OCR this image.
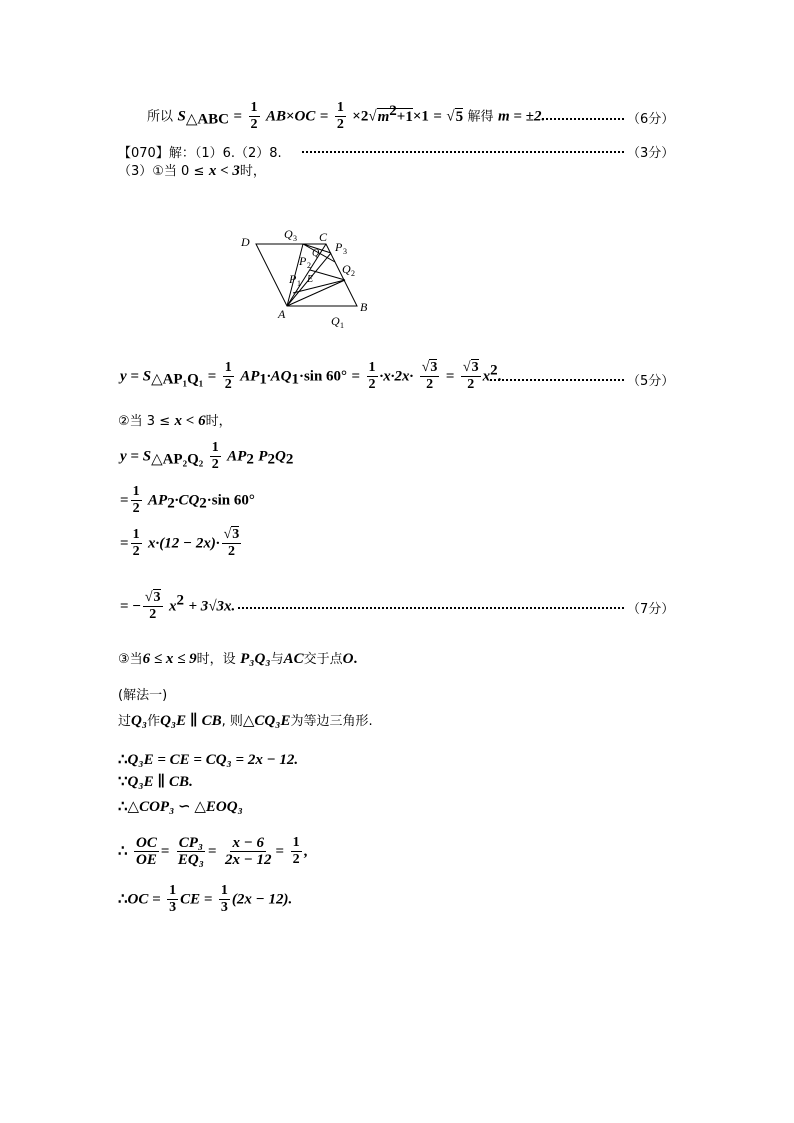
所以 $S_{\triangle ABC} = \frac{1}{2} AB\times OC = \frac{1}{2} \times 2√m^2+1\times 1 = √5$ 解得 m = ±2.	（6分）
【070】解：（1）6.（2）8.	（3分）
（3）①当 0 ≤ x < 3时，
D
Q 3 C
P 3
Q 2
P 2
Q
P 1 E
A	B
Q 1
$y = S_{\triangle AP_1Q_1} = \frac{1}{2} AP_1\cdot AQ_1\cdot\sin$ $60^\circ = \frac{1}{2} \cdot x\cdot 2x\cdot \frac{√3}{2} = \frac{√3}{2} x^2$.	（5分）
②当 3 ≤ x < 6时，
$y = S_{\triangle AP_2Q_2} \frac{1}{2} AP_2$ $P_2Q_2$
= $\frac{1}{2} AP_2\cdot CQ_2\cdot\sin$ 60°
= $\frac{1}{2} x\cdot(12 - 2x)\cdot \frac{√3}{2}$
= − $\frac{√3}{2} x^2 + 3√3x$.	（7分）
③当6 ≤ x ≤ 9时，设 P₃Q₃与AC交于点O.
(解法一)
过Q₃作Q₃E ∥ CB, 则△CQ₃E为等边三角形.
∴Q₃E = CE = CQ₃ = 2x − 12.
∵Q₃E ∥ CB.
∴△COP₃ ∽ △EOQ₃
∴ $\frac{OC}{OE} = \frac{\text{CP₃}}{\text{EQ₃}} = \frac{x - 6}{2x - 12} = \frac{1}{2}$ ,
∴OC = $\frac{1}{3}$ CE = $\frac{1}{3} (2x - 12)$.
